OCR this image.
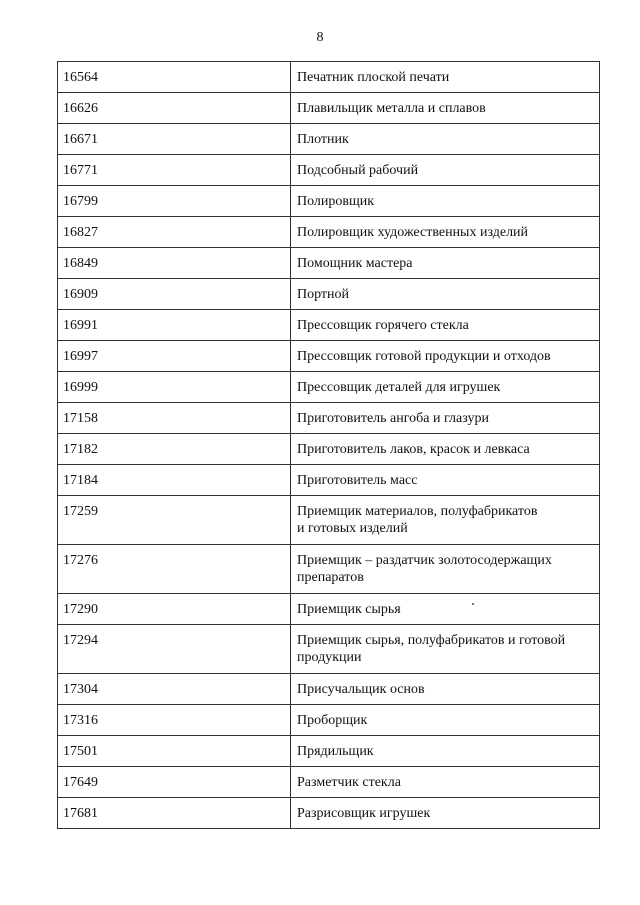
8
16564	Печатник плоской печати
16626	Плавильщик металла и сплавов
16671	Плотник
16771	Подсобный рабочий
16799	Полировщик
16827	Полировщик художественных изделий
16849	Помощник мастера
16909	Портной
16991	Прессовщик горячего стекла
16997	Прессовщик готовой продукции и отходов
16999	Прессовщик деталей для игрушек
17158	Приготовитель ангоба и глазури
17182	Приготовитель лаков, красок и левкаса
17184	Приготовитель масс
17259	Приемщик материалов, полуфабрикатов
и готовых изделий
17276	Приемщик – раздатчик золотосодержащих
препаратов
17290	Приемщик сырья
17294	Приемщик сырья, полуфабрикатов и готовой
продукции
17304	Присучальщик основ
17316	Проборщик
17501	Прядильщик
17649	Разметчик стекла
17681	Разрисовщик игрушек
